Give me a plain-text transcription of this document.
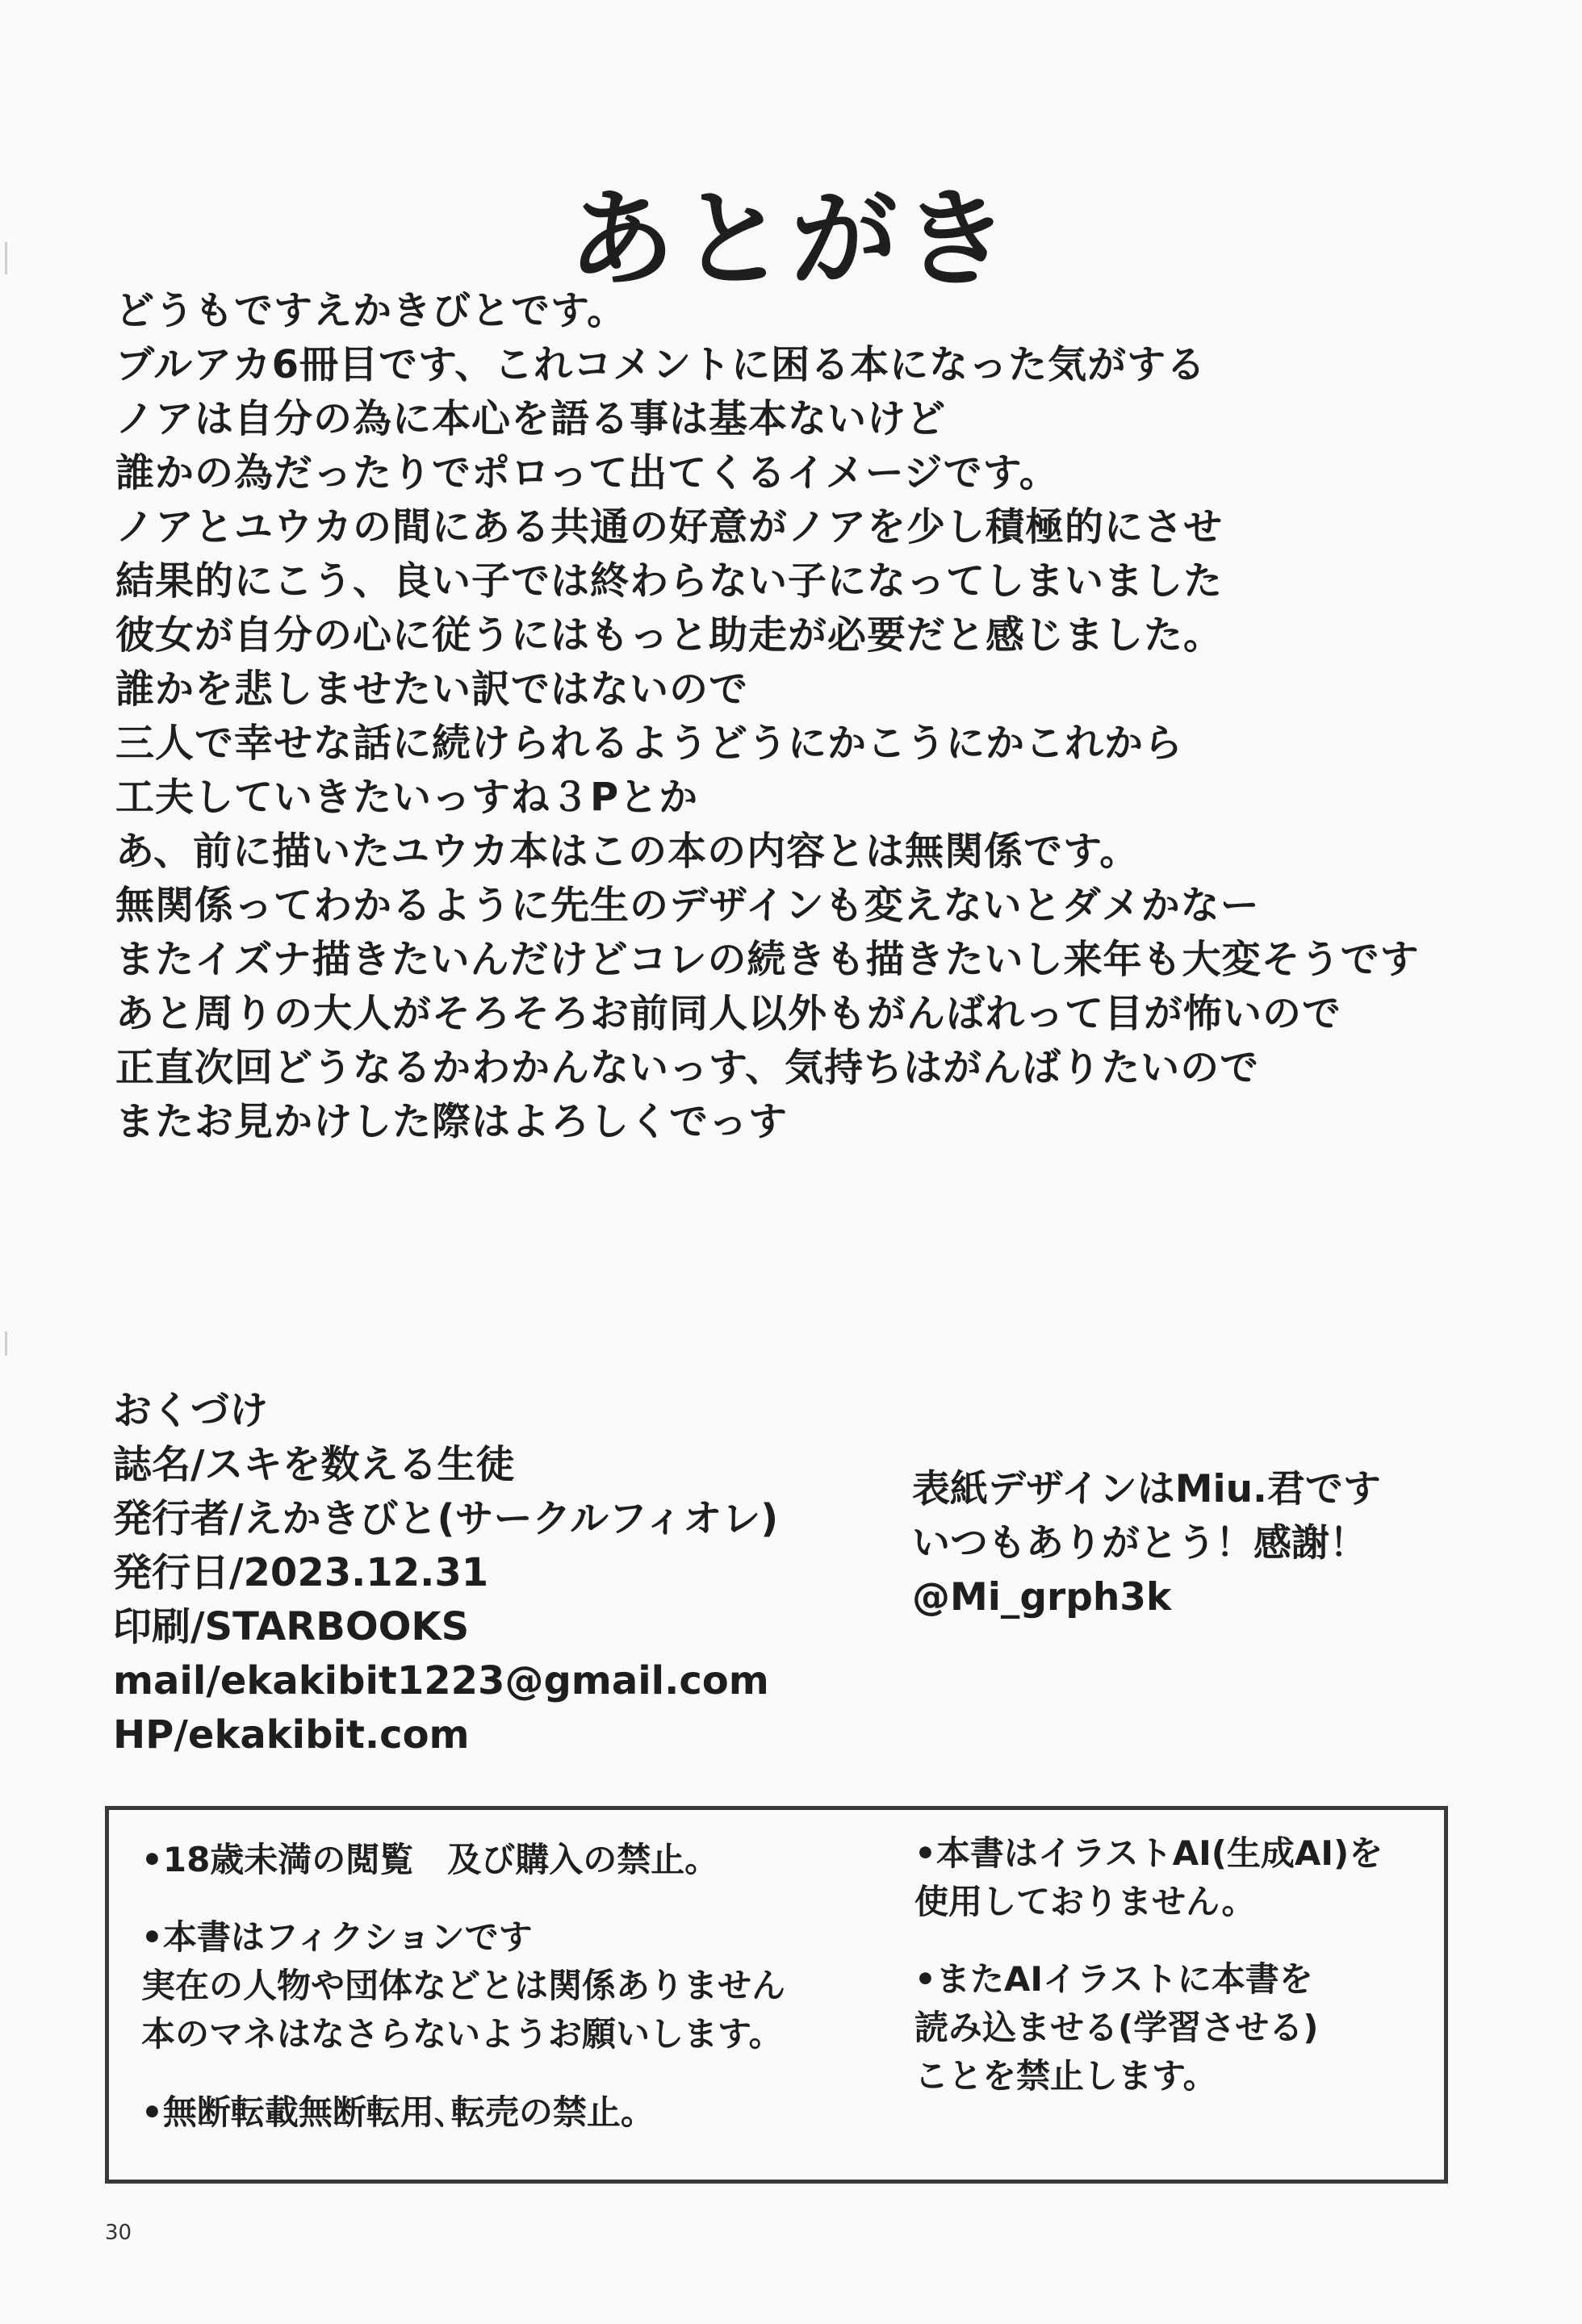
あとがき
どうもですえかきびとです。
ブルアカ6冊目です、これコメントに困る本になった気がする
ノアは自分の為に本心を語る事は基本ないけど
誰かの為だったりでポロって出てくるイメージです。
ノアとユウカの間にある共通の好意がノアを少し積極的にさせ
結果的にこう、良い子では終わらない子になってしまいました
彼女が自分の心に従うにはもっと助走が必要だと感じました。
誰かを悲しませたい訳ではないので
三人で幸せな話に続けられるようどうにかこうにかこれから
工夫していきたいっすね３Pとか
あ、前に描いたユウカ本はこの本の内容とは無関係です。
無関係ってわかるように先生のデザインも変えないとダメかなー
またイズナ描きたいんだけどコレの続きも描きたいし来年も大変そうです
あと周りの大人がそろそろお前同人以外もがんばれって目が怖いので
正直次回どうなるかわかんないっす、気持ちはがんばりたいので
またお見かけした際はよろしくでっす
おくづけ
誌名/スキを数える生徒
発行者/えかきびと(サークルフィオレ)
発行日/2023.12.31
印刷/STARBOOKS
mail/ekakibit1223@gmail.com
HP/ekakibit.com
表紙デザインはMiu.君です
いつもありがとう！感謝！
@Mi_grph3k
•18歳未満の閲覧　及び購入の禁止。
•本書はフィクションです
実在の人物や団体などとは関係ありません
本のマネはなさらないようお願いします。
•無断転載無断転用､転売の禁止。
•本書はイラストAI(生成AI)を
使用しておりません。
•またAIイラストに本書を
読み込ませる(学習させる)
ことを禁止します。
30
